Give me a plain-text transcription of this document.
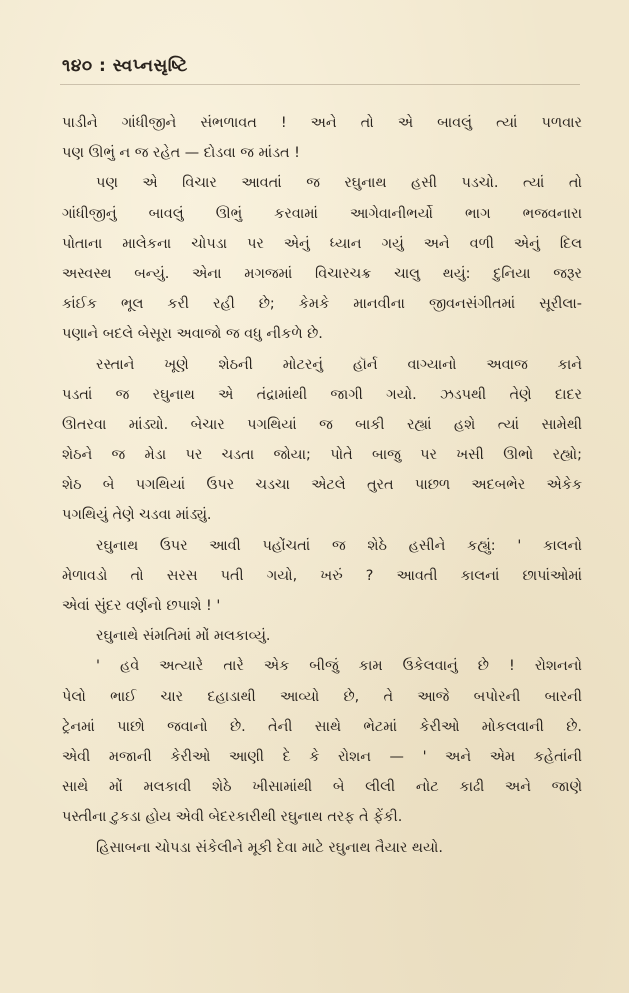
૧૪૦ : સ્વપ્નસૃષ્ટિ
પાડીને ગાંધીજીને સંભળાવત ! અને તો એ બાવલું ત્યાં પળવાર
પણ ઊભું ન જ રહેત — દોડવા જ માંડત !
પણ એ વિચાર આવતાં જ રઘુનાથ હસી પડચો. ત્યાં તો
ગાંધીજીનું બાવલું ઊભું કરવામાં આગેવાનીભર્યો ભાગ ભજવનારા
પોતાના માલેકના ચોપડા પર એનું ધ્યાન ગયું અને વળી એનું દિલ
અસ્વસ્થ બન્યું. એના મગજમાં વિચારચક્ર ચાલુ થયું: દુનિયા જરૂર
કાંઈક ભૂલ કરી રહી છે; કેમકે માનવીના જીવનસંગીતમાં સૂરીલા-
પણાને બદલે બેસૂરા અવાજો જ વધુ નીકળે છે.
રસ્તાને ખૂણે શેઠની મોટરનું હૉર્ન વાગ્યાનો અવાજ કાને
પડતાં જ રઘુનાથ એ તંદ્રામાંથી જાગી ગયો. ઝડપથી તેણે દાદર
ઊતરવા માંડ્યો. બેચાર પગથિયાં જ બાકી રહ્યાં હશે ત્યાં સામેથી
શેઠને જ મેડા પર ચડતા જોયા; પોતે બાજુ પર ખસી ઊભો રહ્યો;
શેઠ બે પગથિયાં ઉપર ચડચા એટલે તુરત પાછળ અદબભેર એકેક
પગથિયું તેણે ચડવા માંડ્યું.
રઘુનાથ ઉપર આવી પહોંચતાં જ શેઠે હસીને કહ્યું: ' કાલનો
મેળાવડો તો સરસ પતી ગયો, ખરું ? આવતી કાલનાં છાપાંઓમાં
એવાં સુંદર વર્ણનો છપાશે ! '
રઘુનાથે સંમતિમાં મોં મલકાવ્યું.
' હવે અત્યારે તારે એક બીજું કામ ઉકેલવાનું છે ! રોશનનો
પેલો ભાઈ ચાર દહાડાથી આવ્યો છે, તે આજે બપોરની બારની
ટ્રેનમાં પાછો જવાનો છે. તેની સાથે ભેટમાં કેરીઓ મોકલવાની છે.
એવી મજાની કેરીઓ આણી દે કે રોશન — ' અને એમ કહેતાંની
સાથે મોં મલકાવી શેઠે ખીસામાંથી બે લીલી નોટ કાઢી અને જાણે
પસ્તીના ટુકડા હોય એવી બેદરકારીથી રઘુનાથ તરફ તે ફેંકી.
હિસાબના ચોપડા સંકેલીને મૂકી દેવા માટે રઘુનાથ તૈયાર થયો.
